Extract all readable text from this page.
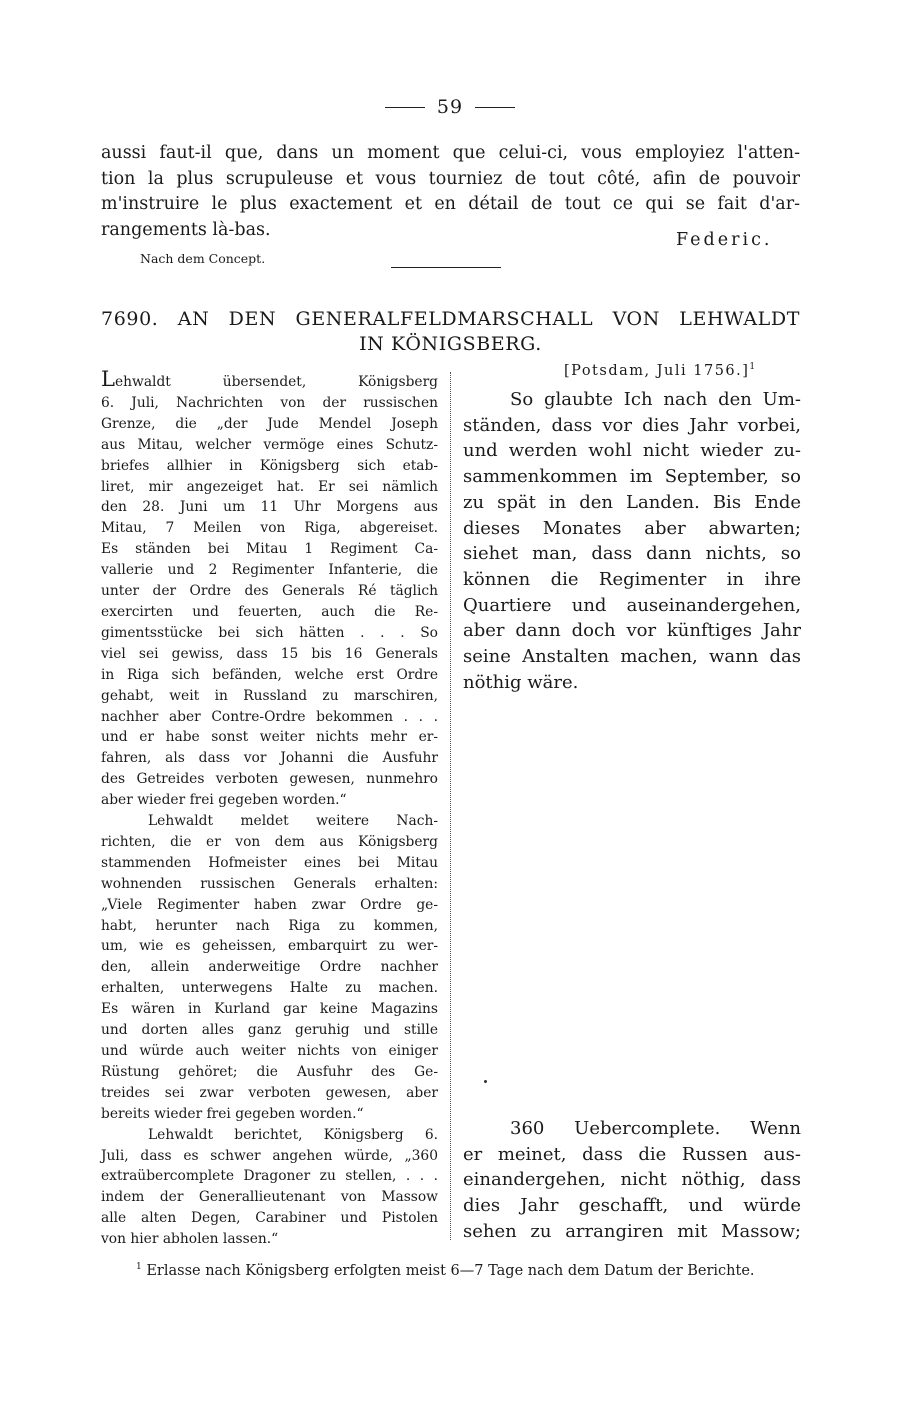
59
aussi faut-il que, dans un moment que celui-ci, vous employiez l'atten-
tion la plus scrupuleuse et vous tourniez de tout côté, afin de pouvoir
m'instruire le plus exactement et en détail de tout ce qui se fait d'ar-
rangements là-bas.
Federic.
Nach dem Concept.
7690. AN DEN GENERALFELDMARSCHALL VON LEHWALDT
IN KÖNIGSBERG.
Lehwaldt übersendet, Königsberg
6. Juli, Nachrichten von der russischen
Grenze, die „der Jude Mendel Joseph
aus Mitau, welcher vermöge eines Schutz-
briefes allhier in Königsberg sich etab-
liret, mir angezeiget hat. Er sei nämlich
den 28. Juni um 11 Uhr Morgens aus
Mitau, 7 Meilen von Riga, abgereiset.
Es ständen bei Mitau 1 Regiment Ca-
vallerie und 2 Regimenter Infanterie, die
unter der Ordre des Generals Ré täglich
exercirten und feuerten, auch die Re-
gimentsstücke bei sich hätten . . . So
viel sei gewiss, dass 15 bis 16 Generals
in Riga sich befänden, welche erst Ordre
gehabt, weit in Russland zu marschiren,
nachher aber Contre-Ordre bekommen . . .
und er habe sonst weiter nichts mehr er-
fahren, als dass vor Johanni die Ausfuhr
des Getreides verboten gewesen, nunmehro
aber wieder frei gegeben worden.“
Lehwaldt meldet weitere Nach-
richten, die er von dem aus Königsberg
stammenden Hofmeister eines bei Mitau
wohnenden russischen Generals erhalten:
„Viele Regimenter haben zwar Ordre ge-
habt, herunter nach Riga zu kommen,
um, wie es geheissen, embarquirt zu wer-
den, allein anderweitige Ordre nachher
erhalten, unterwegens Halte zu machen.
Es wären in Kurland gar keine Magazins
und dorten alles ganz geruhig und stille
und würde auch weiter nichts von einiger
Rüstung gehöret; die Ausfuhr des Ge-
treides sei zwar verboten gewesen, aber
bereits wieder frei gegeben worden.“
Lehwaldt berichtet, Königsberg 6.
Juli, dass es schwer angehen würde, „360
extraübercomplete Dragoner zu stellen, . . .
indem der Generallieutenant von Massow
alle alten Degen, Carabiner und Pistolen
von hier abholen lassen.“
[Potsdam, Juli 1756.]$^1$
So glaubte Ich nach den Um-
ständen, dass vor dies Jahr vorbei,
und werden wohl nicht wieder zu-
sammenkommen im September, so
zu spät in den Landen. Bis Ende
dieses Monates aber abwarten;
siehet man, dass dann nichts, so
können die Regimenter in ihre
Quartiere und auseinandergehen,
aber dann doch vor künftiges Jahr
seine Anstalten machen, wann das
nöthig wäre.
360 Uebercomplete. Wenn
er meinet, dass die Russen aus-
einandergehen, nicht nöthig, dass
dies Jahr geschafft, und würde
sehen zu arrangiren mit Massow;
$^1$ Erlasse nach Königsberg erfolgten meist 6—7 Tage nach dem Datum der Berichte.
